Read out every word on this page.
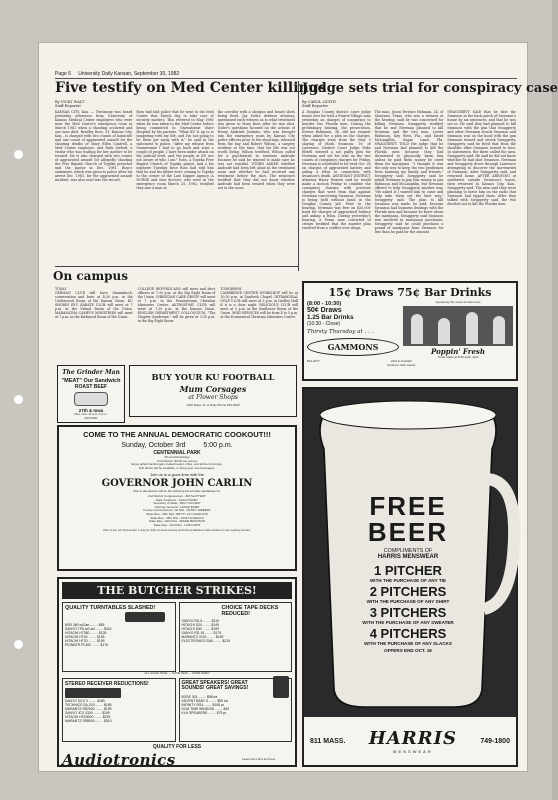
Page 6 University Daily Kansan, September 30, 1982
Five testify on Med Center killings
By VICKY WALT
Staff Reporter
KANSAS CITY, Kan. — Testimony was heard yesterday afternoon from University of Kansas Medical Center employees who were near the Med Center's emergency room in March 1982 when a shooting occurred and one man died. Bradley Ross, 31, Kansas City, Kan., is charged with two counts of homicide and one count of aggravated assault for the shooting deaths of Mary Ellen Cantrell, a Med Center employee, and Ruth Siebelt, a visitor who was waiting for her mother to be treated. He is also charged with two counts of aggravated assault for allegedly shooting the Five Baptist Church of Topeka preacher and the pastor in Dec. 1981. Ross's statement, which was given to police after his arrest Dec. 1981, for the aggravated assault incident, was also read into the record.
Ross had told police that he went to the Med Center that March day to take care of security matters. This referred to May 1980 when he was taken to the Med Center before being committed to Osawatomie State Hospital by his parents. "What KU is up to is tampering with my life, and I'm not going to let them get away with it," he said in the statement to police. "After my release from Osawatomie I had to go back and start a couple of people. I have been under attack on the judicial level, and the people at KU are not aware of who I am." Ross, a Topeka Free Baptist Church of Topeka pastor, and a his nephews Tuesday Rose Ross had told him that he and his father were coming to Topeka to the corner of the Last Supper Agency. A NURSE and four doctors, who were in the emergency room March 25, 1982, testified they saw a man in
the corridor with a shotgun and heard shots being fired. Jay Yoder, defense attorney, questioned each witness as to what treatment was given to Mary Ross after he was shot. Yoder's questions focused on the actions of Henry Andrade Jeukens, who was brought into the emergency room by Kansas City police officers prior to the shootings, released from the bay and Robert Wilson, a surgery resident at the time, that his life was not worth living. Wilson testified. Wilson called for a psychiatrist to evaluate Andrade because he said he wanted to make sure he was not suicidal. YODER ASKED whether Andrade had been left alone in the treatment room and whether he had received any treatment before the shot. The witnesses testified that they did not know whether Andrade had been treated when they were not in the room.
Judge sets trial for conspiracy case
By CAROL LICHTI
Staff Reporter
A Douglas County district court judge found over for trial a Prairie Village man yesterday on charges of conspiracy to murder two Florida men. During the preliminary hearing, the prosecution, Steven Robinson, 36, did not request when asked for a plea on the charges. The charges stem from the May 9 slaying of Mark Swanson, 19, of Lawrence. District Court Judge Mike Elwell entered a not guilty plea for Newman and set his trial on the two counts of conspiracy charges for Friday. Newman is scheduled to be tried Oct. 26 on charges of aggravated battery and aiding a felon in connection with Swanson's death. ASSISTANT DISTRICT Attorney Harry Warren said he would make a motion Friday to combine the conspiracy charges with previous charges that were from that against Newman concerning Swanson. Newman is being held without bond in the Douglas County jail. Prior to the hearing, Newman was free on $25,000 bond for charges of aggravated battery and aiding a felon. During yesterday's hearing, a Texan man convicted of crimes testified that the murder plan resulted from a conflict over drugs.
The man, Jason Terence Hohman, 24, of Shawnee, Texas, who was a witness at the hearing, said he was concerned for killing Newman. Swaggerty testified that he and Newman planned to kill Newman and the two men, Lester Robinson, Key West, Fla., and David McLaughlin, Sugar Land, Fla. SWAGGERTY TOLD the judge that he and Newman had planned to kill the Florida men because they had threatened to physically harm him unless he paid them money he owed them for marijuana. "I thought it was the only way to keep the two gentlemen from harming my family and friends," Swaggerty said. Swaggerty said he asked Newman to pay him money to pay Robinson and McLaughlin, but Newman offered to help Swaggerty another way. "He asked if I wanted him to come and help take them out the best way," Swaggerty said. The plan to kill Swanson was made, he said, because Swanson had business dealings with the Florida men and because he knew about the marijuana. Swaggerty said Swanson was involved in marijuana purchases. Swaggerty said he could purchase a pound of marijuana from Swanson for less than he paid for the amount
SWAGGERTY SAID that he shot the Swanson in the back porch of Swanson's house by six sentences, and that he was out in. He said they had planned to kill Swanson with the gun that Swaggerty and other Newman struck Swanson and Swanson was on the hood with the gun Swanson turned and struck Swaggerty. Swaggerty said he fired that from the shoulder after Swanson turned to face. In statements, the three called the men, Swaggerty said. He said he did not know whether he had shot Swanson. Newman and Swaggerty drove through Lawrence attempting to discover the movements of Swanson. After Swaggerty said, and returned home. AFTER ARRIVING at southwest outside Swanson's house, then returned to Kansas City, Kan., Swaggerty said. The men said they were planning to leave him on the radio that Swanson had tipped them. After they talked with Swaggerty said, the two decided not to kill the Florida men.
On campus
TODAY
GERMAN CLUB will have Stammtisch, conversation and beer, at 4:30 p.m. in the Underwood Room of the Kansas Union. KU SHORIN RYU KARATE CLUB will meet at 7 p.m. in the Virtual Room of the Union. MARANATHA CAMPUS MINISTRIES will meet at 7 p.m. in the Kirkwood Room of the Union.
COLLEGE REPUBLICANS will meet and elect officers at 7:30 p.m. at the Big Eight Room of the Union. CHRISTIAN CARE GROUP will meet at 7 p.m. in the Pennsylvania Christian Ministries Center. ASTRONOMY CLUB will meet at 7:30 p.m. at the Kansas Union. ENGLISH DEPARTMENT COLLOQUIUM, "The Chapter Syndrome," will be given at 3:30 p.m. in the Big Eight Room.
TOMORROW
CAMBRIDGE CENTER WORKSHOP will be at 10:30 p.m. in Danforth Chapel. INTRAMURAL GOLF CLUB will meet at 3 p.m. in Lindley Hall if it is a clear night. RELIGIOUS CLUB will meet at 3 p.m. in the Sunflower Room of the Union. MINI-SERVICES will be from 4 to 5 p.m. at the Ecumenical Christian Ministries Center.
The Grinder Man
"MEAT" Our Sandwich
ROAST BEEF
27th & Iowa
Mon.-Sat. 11 a.m.-9 p.m.
842-5490
BUY YOUR KU FOOTBALL
Mum Corsages
at Flower Shops
1006 Mass. St. & Daily Phone 843-0000
COME TO THE ANNUAL DEMOCRATIC COOKOUT!!!
Sunday, October 3rd	5:00 p.m.
CENTENNIAL PARK
6th and Rockledge
Contribution: $3.00 per person
Enjoy grilled hamburgers, baked beans, chips, and all the trimmings.
Soft drinks will be available, or bring your own beverages.
Join us in a good time with the
GOVERNOR JOHN CARLIN
Also in attendance will be the following Democratic candidates for:
2nd District Congressman...JIM SLATTERY
State Treasurer...JOAN FINNEY
Secretary of State...BILLY McCRAY
Attorney General...LANCE BURR
County Commissioner, 1st Dist...NANCY HIEBERT
State Rep...46th Dist...BETTY JO CHARLTON
State Rep...45th Dist...JOHN SOLBACH
State Rep...44th Dist...JESSIE BRANSON
State Rep...43rd Dist...LARI DAVIS
Plan to join us!! Remember it may be chilly so dress warmly and bring a blanket or lawn chairs for your seating comfort.
THE BUTCHER STRIKES!
QUALITY TURNTABLES SLASHED!
BSR 360 w/Cart ........ $69
SANYO TP6 w/Cart ........ $119
HITACHI HT350 ........ $139
HITACHI HT40 ........ $155
HITACHI HT20 ........ $199
PIONEER PL300 ........ $176
CHOICE TAPE DECKS REDUCED!
SANYO RD-5 ........ $119
HITACHI D20 ........ $149
HITACHI D50 ........ $199
SANYO RD-15 ........ $179
MARANTZ 3740 ........ $169
ELECTRONICS SA9 ........ $215
ALL SALES FINAL — SOME NEW — SOME DEMO
STEREO RECEIVER REDUCTIONS!
SANYO DCX 3 ........ $189
TECHNICS SA-203 ........ $189
MARANTZ SR2000 ........ $199
SANYO JCX 2300 ........ $249
HITACHI HTA3000 ........ $229
MARANTZ SR8000 ........ $319
GREAT SPEAKERS! GREAT SOUNDS! GREAT SAVINGS!
BOSE 301 ........ $98 ea
ADVENT BABY II ........ $59 ea
INFINITY RS4 ........ $108 pr
DCM TIME WINDOW ........ $49
KLH SPEAKERS ........ $79 pr
QUALITY FOR LESS
Audiotronics	Lawrence's first and best
15¢ Draws 75¢ Bar Drinks
(8:00 - 10:30)
50¢ Draws
1.25 Bar Drinks
(10:30 - Close)
Thirsty Thursday at . . .
GAMMONS
Appearing this week at Gammons
Poppin' Fresh
Tonite starts at 8:30 each night
843-2977	23rd & Ousdahl
Southern Hills Center
FREE
BEER
COMPLIMENTS OF
HARRIS MENSWEAR
1 PITCHER
WITH THE PURCHASE OF ANY TIE
2 PITCHERS
WITH THE PURCHASE OF ANY SHIRT
3 PITCHERS
WITH THE PURCHASE OF ANY SWEATER
4 PITCHERS
WITH THE PURCHASE OF ANY SLACKS
OFFERS END OCT. 16
811 MASS. HARRIS
MENSWEAR
749-1800
